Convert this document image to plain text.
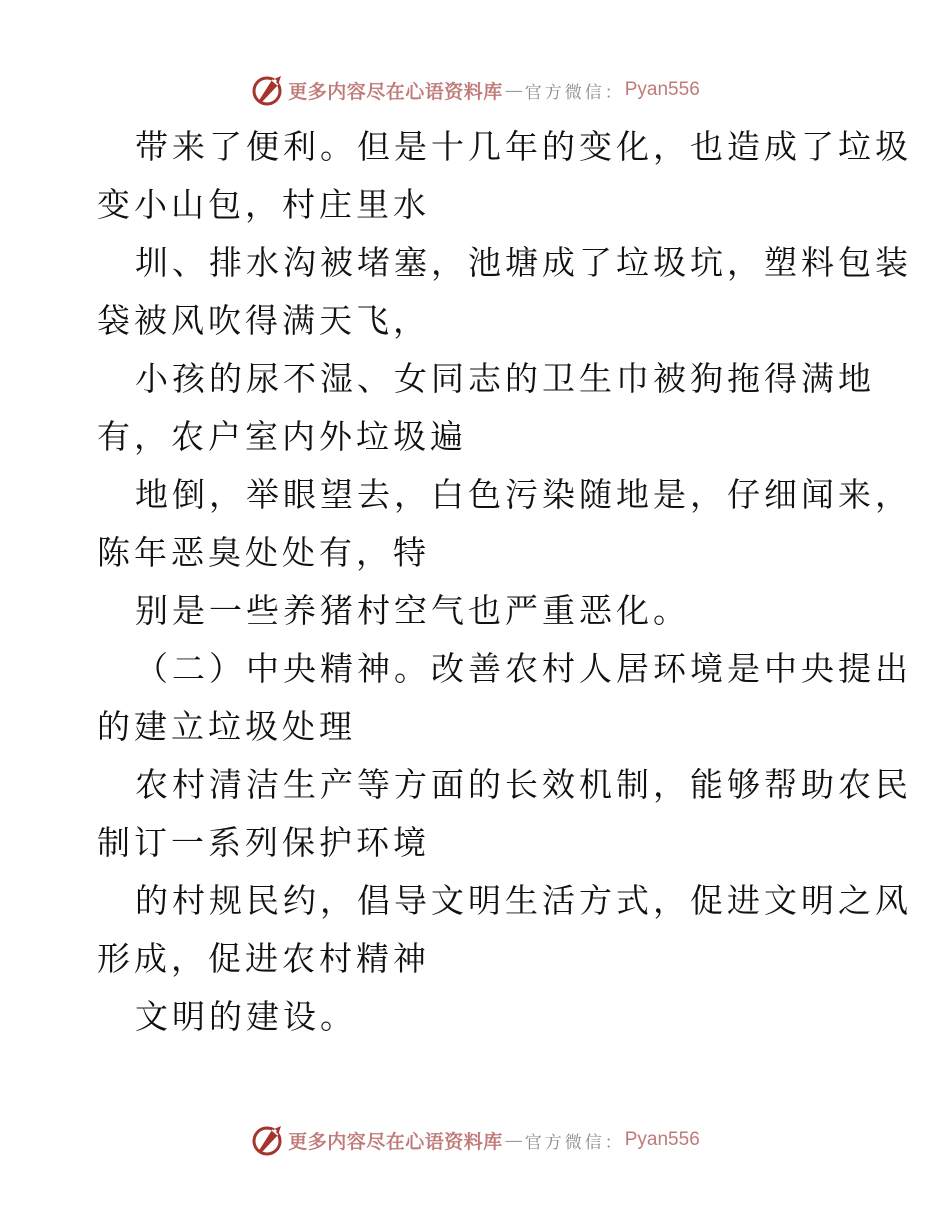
更多内容尽在心语资料库 — 官方微信： Pyan556
带来了便利。但是十几年的变化，也造成了垃圾
变小山包，村庄里水
圳、排水沟被堵塞，池塘成了垃圾坑，塑料包装
袋被风吹得满天飞，
小孩的尿不湿、女同志的卫生巾被狗拖得满地
有，农户室内外垃圾遍
地倒，举眼望去，白色污染随地是，仔细闻来，
陈年恶臭处处有，特
别是一些养猪村空气也严重恶化。
（二）中央精神。改善农村人居环境是中央提出
的建立垃圾处理
农村清洁生产等方面的长效机制，能够帮助农民
制订一系列保护环境
的村规民约，倡导文明生活方式，促进文明之风
形成，促进农村精神
文明的建设。
更多内容尽在心语资料库 — 官方微信： Pyan556
